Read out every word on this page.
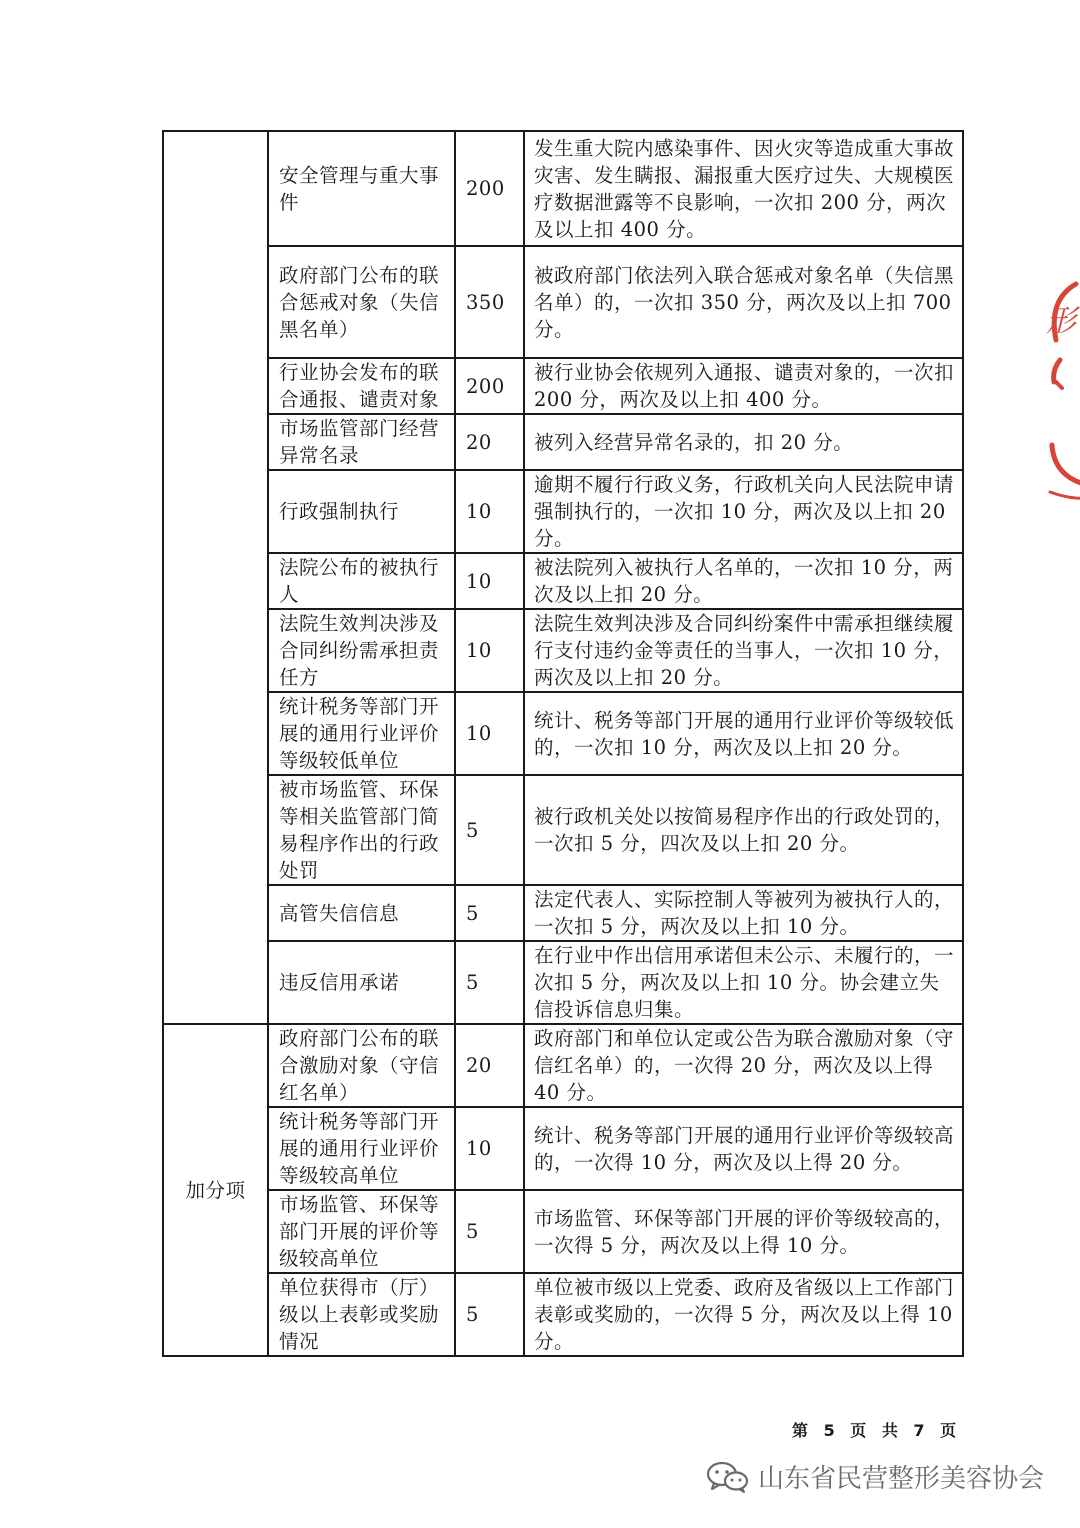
	安全管理与重大事件	200	发生重大院内感染事件、因火灾等造成重大事故灾害、发生瞒报、漏报重大医疗过失、大规模医疗数据泄露等不良影响，一次扣 200 分，两次及以上扣 400 分。
	政府部门公布的联合惩戒对象（失信黑名单）	350	被政府部门依法列入联合惩戒对象名单（失信黑名单）的，一次扣 350 分，两次及以上扣 700 分。
	行业协会发布的联合通报、谴责对象	200	被行业协会依规列入通报、谴责对象的，一次扣 200 分，两次及以上扣 400 分。
	市场监管部门经营异常名录	20	被列入经营异常名录的，扣 20 分。
	行政强制执行	10	逾期不履行行政义务，行政机关向人民法院申请强制执行的，一次扣 10 分，两次及以上扣 20 分。
	法院公布的被执行人	10	被法院列入被执行人名单的，一次扣 10 分，两次及以上扣 20 分。
	法院生效判决涉及合同纠纷需承担责任方	10	法院生效判决涉及合同纠纷案件中需承担继续履行支付违约金等责任的当事人，一次扣 10 分，两次及以上扣 20 分。
	统计税务等部门开展的通用行业评价等级较低单位	10	统计、税务等部门开展的通用行业评价等级较低的，一次扣 10 分，两次及以上扣 20 分。
	被市场监管、环保等相关监管部门简易程序作出的行政处罚	5	被行政机关处以按简易程序作出的行政处罚的，一次扣 5 分，四次及以上扣 20 分。
	高管失信信息	5	法定代表人、实际控制人等被列为被执行人的，一次扣 5 分，两次及以上扣 10 分。
	违反信用承诺	5	在行业中作出信用承诺但未公示、未履行的，一次扣 5 分，两次及以上扣 10 分。协会建立失信投诉信息归集。
加分项	政府部门公布的联合激励对象（守信红名单）	20	政府部门和单位认定或公告为联合激励对象（守信红名单）的，一次得 20 分，两次及以上得 40 分。
	统计税务等部门开展的通用行业评价等级较高单位	10	统计、税务等部门开展的通用行业评价等级较高的，一次得 10 分，两次及以上得 20 分。
	市场监管、环保等部门开展的评价等级较高单位	5	市场监管、环保等部门开展的评价等级较高的，一次得 5 分，两次及以上得 10 分。
	单位获得市（厅）级以上表彰或奖励情况	5	单位被市级以上党委、政府及省级以上工作部门表彰或奖励的，一次得 5 分，两次及以上得 10 分。
形
第 5 页 共 7 页
山东省民营整形美容协会
